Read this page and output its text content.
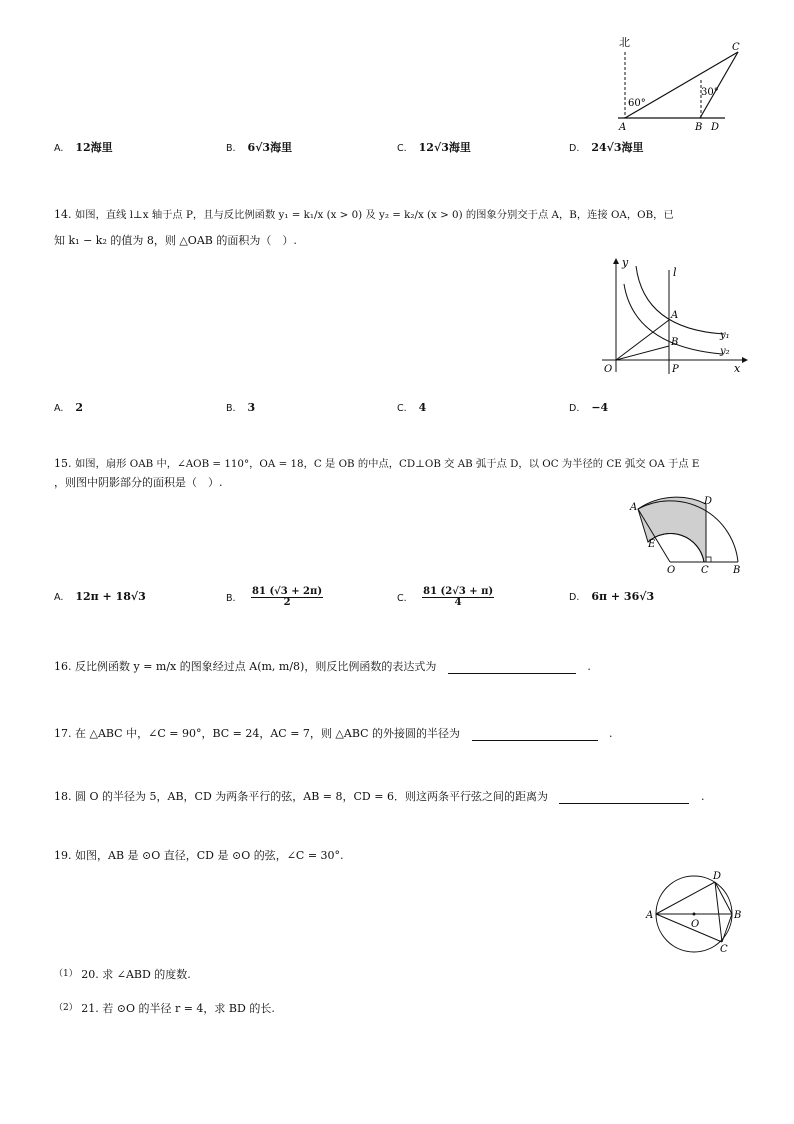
北
60°
30°
A	B D
C
A. 12海里	B. 6√3海里	C. 12√3海里	D. 24√3海里
14. 如图，直线 l⊥x 轴于点 P，且与反比例函数 y₁ = k₁/x (x > 0) 及 y₂ = k₂/x (x > 0) 的图象分别交于点 A，B，连接 OA，OB，已
知 k₁ − k₂ 的值为 8，则 △OAB 的面积为（　）.
y
l
A
B
y₁
y₂
O	P	x
A. 2	B. 3	C. 4	D. −4
15. 如图，扇形 OAB 中，∠AOB = 110°，OA = 18，C 是 OB 的中点，CD⊥OB 交 AB 弧于点 D，以 OC 为半径的 CE 弧交 OA 于点 E
，则图中阴影部分的面积是（　）.
A
D
E
O	C B
A. 12π + 18√3	B. $\frac{81 (√3 + 2\pi)}{2}$	C. $\frac{81 (2√3 + \pi)}{4}$	D. 6π + 36√3
16. 反比例函数 y = m/x 的图象经过点 A(m, m/8)，则反比例函数的表达式为	.
17. 在 △ABC 中，∠C = 90°，BC = 24，AC = 7，则 △ABC 的外接圆的半径为	.
18. 圆 O 的半径为 5，AB，CD 为两条平行的弦，AB = 8，CD = 6．则这两条平行弦之间的距离为	.
19. 如图，AB 是 ⊙O 直径，CD 是 ⊙O 的弦，∠C = 30°.
D
A	B
O
C
$^{(1)}$ 20. 求 ∠ABD 的度数.
$^{(2)}$ 21. 若 ⊙O 的半径 r = 4，求 BD 的长.
